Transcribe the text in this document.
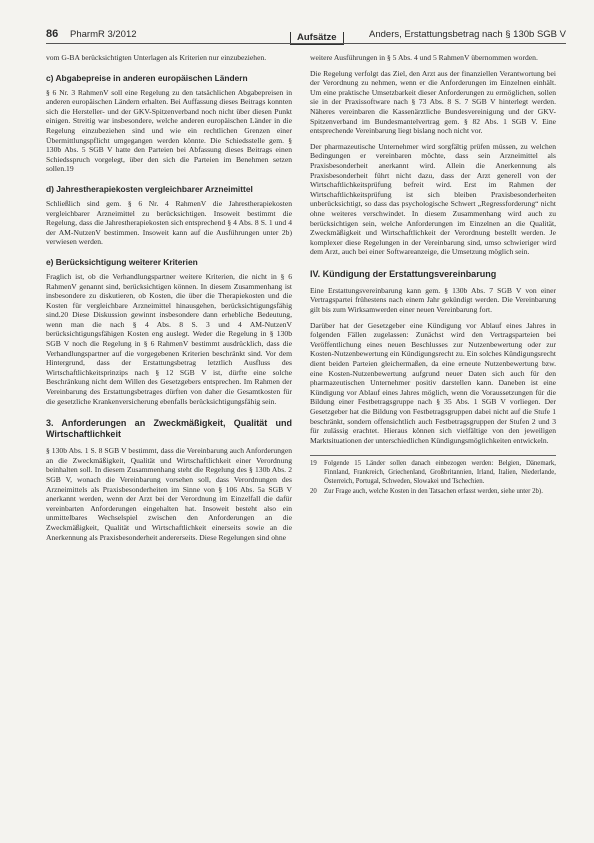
86 PharmR 3/2012	Aufsätze	Anders, Erstattungsbetrag nach § 130b SGB V

vom G-BA berücksichtigten Unterlagen als Kriterien nur einzubeziehen.

c) Abgabepreise in anderen europäischen Ländern

§ 6 Nr. 3 RahmenV soll eine Regelung zu den tatsächlichen Abgabepreisen in anderen europäischen Ländern erhalten. Bei Auffassung dieses Beitrags konnten sich die Hersteller- und der GKV-Spitzenverband noch nicht über diesen Punkt einigen. Streitig war insbesondere, welche anderen europäischen Länder in die Regelung einzubeziehen sind und wie ein rechtlichen Grenzen einer Übermittlungspflicht umgegangen werden könnte. Die Schiedsstelle gem. § 130b Abs. 5 SGB V hatte den Parteien bei Abfassung dieses Beitrags einen Schiedsspruch vorgelegt, über den sich die Parteien im Benehmen setzen sollen.19

d) Jahrestherapiekosten vergleichbarer Arzneimittel

Schließlich sind gem. § 6 Nr. 4 RahmenV die Jahrestherapiekosten vergleichbarer Arzneimittel zu berücksichtigen. Insoweit bestimmt die Regelung, dass die Jahrestherapiekosten sich entsprechend § 4 Abs. 8 S. 1 und 4 der AM-NutzenV bestimmen. Insoweit kann auf die Ausführungen unter 2b) verwiesen werden.

e) Berücksichtigung weiterer Kriterien

Fraglich ist, ob die Verhandlungspartner weitere Kriterien, die nicht in § 6 RahmenV genannt sind, berücksichtigen können. In diesem Zusammenhang ist insbesondere zu diskutieren, ob Kosten, die über die Therapiekosten und die Kosten für vergleichbare Arzneimittel hinausgehen, berücksichtigungsfähig sind.20 Diese Diskussion gewinnt insbesondere dann erhebliche Bedeutung, wenn man die nach § 4 Abs. 8 S. 3 und 4 AM-NutzenV berücksichtigungsfähigen Kosten eng auslegt. Weder die Regelung in § 130b SGB V noch die Regelung in § 6 RahmenV bestimmt ausdrücklich, dass die Verhandlungspartner auf die vorgegebenen Kriterien beschränkt sind. Vor dem Hintergrund, dass der Erstattungsbetrag letztlich Ausfluss des Wirtschaftlichkeitsprinzips nach § 12 SGB V ist, dürfte eine solche Beschränkung nicht dem Willen des Gesetzgebers entsprechen. Im Rahmen der Vereinbarung des Erstattungsbetrages dürften von daher die Gesamtkosten für die gesetzliche Krankenversicherung ebenfalls berücksichtigungsfähig sein.

3. Anforderungen an Zweckmäßigkeit, Qualität und Wirtschaftlichkeit

§ 130b Abs. 1 S. 8 SGB V bestimmt, dass die Vereinbarung auch Anforderungen an die Zweckmäßigkeit, Qualität und Wirtschaftlichkeit einer Verordnung beinhalten soll. In diesem Zusammenhang steht die Regelung des § 130b Abs. 2 SGB V, wonach die Vereinbarung vorsehen soll, dass Verordnungen des Arzneimittels als Praxisbesonderheiten im Sinne von § 106 Abs. 5a SGB V anerkannt werden, wenn der Arzt bei der Verordnung im Einzelfall die dafür vereinbarten Anforderungen eingehalten hat. Insoweit besteht also ein unmittelbares Wechselspiel zwischen den Anforderungen an die Zweckmäßigkeit, Qualität und Wirtschaftlichkeit einerseits sowie an die Anerkennung als Praxisbesonderheit andererseits. Diese Regelungen sind ohne

weitere Ausführungen in § 5 Abs. 4 und 5 RahmenV übernommen worden.

Die Regelung verfolgt das Ziel, den Arzt aus der finanziellen Verantwortung bei der Verordnung zu nehmen, wenn er die Anforderungen im Einzelnen einhält. Um eine praktische Umsetzbarkeit dieser Anforderungen zu ermöglichen, sollen sie in der Praxissoftware nach § 73 Abs. 8 S. 7 SGB V hinterlegt werden. Näheres vereinbaren die Kassenärztliche Bundesvereinigung und der GKV-Spitzenverband im Bundesmantelvertrag gem. § 82 Abs. 1 SGB V. Eine entsprechende Vereinbarung liegt bislang noch nicht vor.

Der pharmazeutische Unternehmer wird sorgfältig prüfen müssen, zu welchen Bedingungen er vereinbaren möchte, dass sein Arzneimittel als Praxisbesonderheit anerkannt wird. Allein die Anerkennung als Praxisbesonderheit führt nicht dazu, dass der Arzt generell von der Wirtschaftlichkeitsprüfung befreit wird. Erst im Rahmen der Wirtschaftlichkeitsprüfung ist sich bleiben Praxisbesonderheiten unberücksichtigt, so dass das psychologische Schwert „Regressforderung“ nicht ohne weiteres verschwindet. In diesem Zusammenhang wird auch zu berücksichtigen sein, welche Anforderungen im Einzelnen an die Qualität, Zweckmäßigkeit und Wirtschaftlichkeit der Verordnung bestellt werden. Je komplexer diese Regelungen in der Vereinbarung sind, umso schwieriger wird dem Arzt, auch bei einer Softwareanzeige, die Umsetzung möglich sein.

IV. Kündigung der Erstattungsvereinbarung

Eine Erstattungsvereinbarung kann gem. § 130b Abs. 7 SGB V von einer Vertragspartei frühestens nach einem Jahr gekündigt werden. Die Vereinbarung gilt bis zum Wirksamwerden einer neuen Vereinbarung fort.

Darüber hat der Gesetzgeber eine Kündigung vor Ablauf eines Jahres in folgenden Fällen zugelassen: Zunächst wird den Vertragsparteien bei Veröffentlichung eines neuen Beschlusses zur Nutzenbewertung oder zur Kosten-Nutzenbewertung ein Kündigungsrecht zu. Ein solches Kündigungsrecht dient beiden Parteien gleichermaßen, da eine erneute Nutzenbewertung bzw. eine Kosten-Nutzenbewertung aufgrund neuer Daten sich auch für den pharmazeutischen Unternehmer positiv darstellen kann. Daneben ist eine Kündigung vor Ablauf eines Jahres möglich, wenn die Voraussetzungen für die Bildung einer Festbetragsgruppe nach § 35 Abs. 1 SGB V vorliegen. Der Gesetzgeber hat die Bildung von Festbetragsgruppen dabei nicht auf die Stufe 1 beschränkt, sondern offensichtlich auch Festbetragsgruppen der Stufen 2 und 3 für zulässig erachtet. Hieraus können sich vielfältige von den jeweiligen Marktsituationen der unterschiedlichen Kündigungsmöglichkeiten entwickeln.

19	Folgende 15 Länder sollen danach einbezogen werden: Belgien, Dänemark, Finnland, Frankreich, Griechenland, Großbritannien, Irland, Italien, Niederlande, Österreich, Portugal, Schweden, Slowakei und Tschechien.
20	Zur Frage auch, welche Kosten in den Tatsachen erfasst werden, siehe unter 2b).
